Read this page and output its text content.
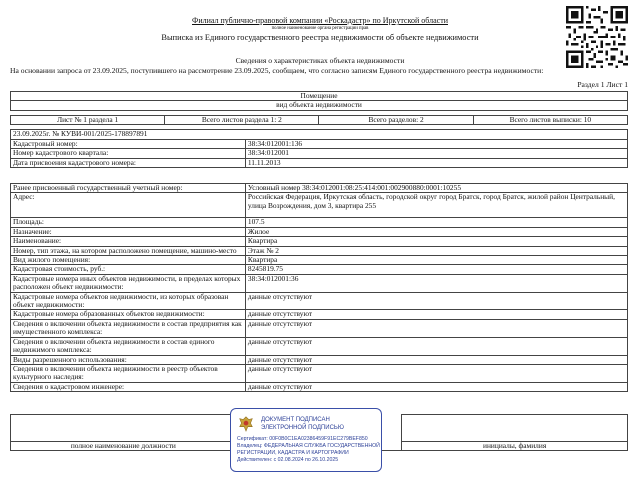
Филиал публично-правовой компании «Роскадастр» по Иркутской области
полное наименование органа регистрации прав
Выписка из Единого государственного реестра недвижимости об объекте недвижимости
Сведения о характеристиках объекта недвижимости
На основании запроса от 23.09.2025, поступившего на рассмотрение 23.09.2025, сообщаем, что согласно записям Единого государственного реестра недвижимости:
Раздел 1 Лист 1
Помещение
вид объекта недвижимости
Лист № 1 раздела 1	Всего листов раздела 1: 2	Всего разделов: 2	Всего листов выписки: 10
23.09.2025г. № КУВИ-001/2025-178897891	
Кадастровый номер:	38:34:012001:136
Номер кадастрового квартала:	38:34:012001
Дата присвоения кадастрового номера:	11.11.2013
Ранее присвоенный государственный учетный номер:	Условный номер 38:34:012001:08:25:414:001:002900880:0001:10255
Адрес:	Российская Федерация, Иркутская область, городской округ город Братск, город Братск, жилой район Центральный, улица Возрождения, дом 3, квартира 255
Площадь:	107.5
Назначение:	Жилое
Наименование:	Квартира
Номер, тип этажа, на котором расположено помещение, машино-место	Этаж № 2
Вид жилого помещения:	Квартира
Кадастровая стоимость, руб.:	8245819.75
Кадастровые номера иных объектов недвижимости, в пределах которых расположен объект недвижимости:	38:34:012001:36
Кадастровые номера объектов недвижимости, из которых образован объект недвижимости:	данные отсутствуют
Кадастровые номера образованных объектов недвижимости:	данные отсутствуют
Сведения о включении объекта недвижимости в состав предприятия как имущественного комплекса:	данные отсутствуют
Сведения о включении объекта недвижимости в состав единого недвижимого комплекса:	данные отсутствуют
Виды разрешенного использования:	данные отсутствуют
Сведения о включении объекта недвижимости в реестр объектов культурного наследия:	данные отсутствуют
Сведения о кадастровом инженере:	данные отсутствуют

полное наименование должности		инициалы, фамилия
ДОКУМЕНТ ПОДПИСАН
ЭЛЕКТРОННОЙ ПОДПИСЬЮ
Сертификат: 00F0B0C1EA02386459F91EC279BEF850
Владелец: ФЕДЕРАЛЬНАЯ СЛУЖБА ГОСУДАРСТВЕННОЙ
РЕГИСТРАЦИИ, КАДАСТРА И КАРТОГРАФИИ
Действителен: с 02.08.2024 по 26.10.2025
